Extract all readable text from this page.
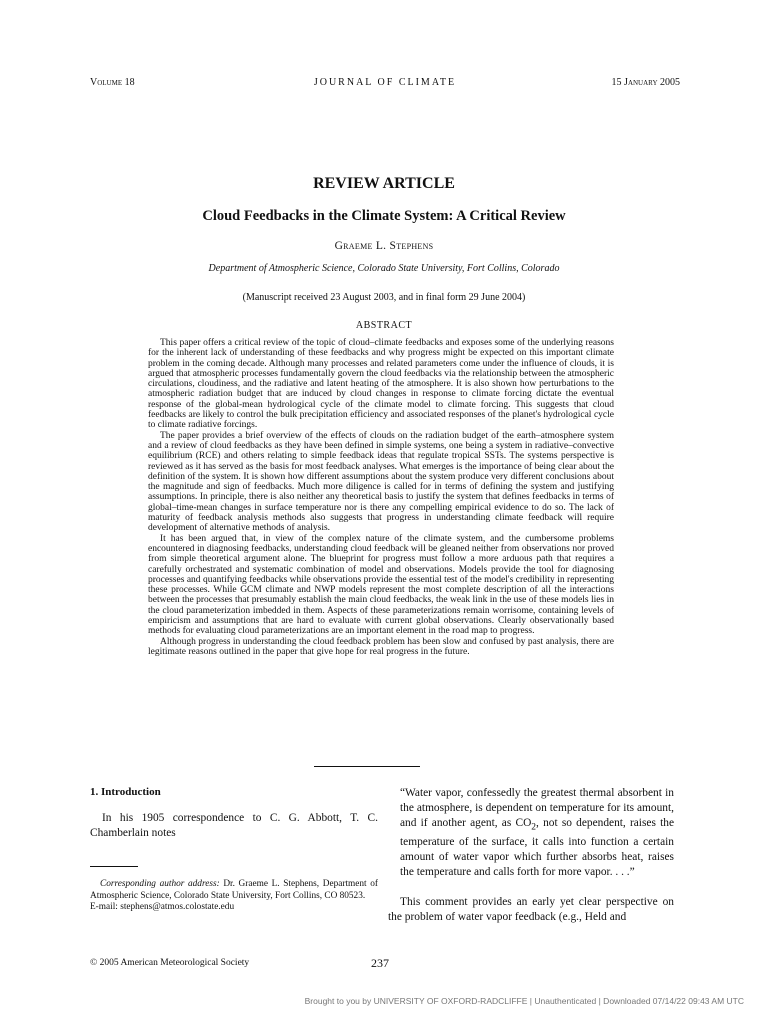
Volume 18	JOURNAL OF CLIMATE	15 January 2005
REVIEW ARTICLE
Cloud Feedbacks in the Climate System: A Critical Review
Graeme L. Stephens
Department of Atmospheric Science, Colorado State University, Fort Collins, Colorado
(Manuscript received 23 August 2003, and in final form 29 June 2004)
ABSTRACT

This paper offers a critical review of the topic of cloud–climate feedbacks and exposes some of the underlying reasons for the inherent lack of understanding of these feedbacks and why progress might be expected on this important climate problem in the coming decade. Although many processes and related parameters come under the influence of clouds, it is argued that atmospheric processes fundamentally govern the cloud feedbacks via the relationship between the atmospheric circulations, cloudiness, and the radiative and latent heating of the atmosphere. It is also shown how perturbations to the atmospheric radiation budget that are induced by cloud changes in response to climate forcing dictate the eventual response of the global-mean hydrological cycle of the climate model to climate forcing. This suggests that cloud feedbacks are likely to control the bulk precipitation efficiency and associated responses of the planet's hydrological cycle to climate radiative forcings.

The paper provides a brief overview of the effects of clouds on the radiation budget of the earth–atmosphere system and a review of cloud feedbacks as they have been defined in simple systems, one being a system in radiative–convective equilibrium (RCE) and others relating to simple feedback ideas that regulate tropical SSTs. The systems perspective is reviewed as it has served as the basis for most feedback analyses. What emerges is the importance of being clear about the definition of the system. It is shown how different assumptions about the system produce very different conclusions about the magnitude and sign of feedbacks. Much more diligence is called for in terms of defining the system and justifying assumptions. In principle, there is also neither any theoretical basis to justify the system that defines feedbacks in terms of global–time-mean changes in surface temperature nor is there any compelling empirical evidence to do so. The lack of maturity of feedback analysis methods also suggests that progress in understanding climate feedback will require development of alternative methods of analysis.

It has been argued that, in view of the complex nature of the climate system, and the cumbersome problems encountered in diagnosing feedbacks, understanding cloud feedback will be gleaned neither from observations nor proved from simple theoretical argument alone. The blueprint for progress must follow a more arduous path that requires a carefully orchestrated and systematic combination of model and observations. Models provide the tool for diagnosing processes and quantifying feedbacks while observations provide the essential test of the model's credibility in representing these processes. While GCM climate and NWP models represent the most complete description of all the interactions between the processes that presumably establish the main cloud feedbacks, the weak link in the use of these models lies in the cloud parameterization imbedded in them. Aspects of these parameterizations remain worrisome, containing levels of empiricism and assumptions that are hard to evaluate with current global observations. Clearly observationally based methods for evaluating cloud parameterizations are an important element in the road map to progress.

Although progress in understanding the cloud feedback problem has been slow and confused by past analysis, there are legitimate reasons outlined in the paper that give hope for real progress in the future.

1. Introduction

In his 1905 correspondence to C. G. Abbott, T. C. Chamberlain notes

Corresponding author address: Dr. Graeme L. Stephens, Department of Atmospheric Science, Colorado State University, Fort Collins, CO 80523.

E-mail: stephens@atmos.colostate.edu

“Water vapor, confessedly the greatest thermal absorbent in the atmosphere, is dependent on temperature for its amount, and if another agent, as $CO_2$, not so dependent, raises the temperature of the surface, it calls into function a certain amount of water vapor which further absorbs heat, raises the temperature and calls forth for more vapor. . . .”

This comment provides an early yet clear perspective on the problem of water vapor feedback (e.g., Held and

© 2005 American Meteorological Society	237
Brought to you by UNIVERSITY OF OXFORD-RADCLIFFE | Unauthenticated | Downloaded 07/14/22 09:43 AM UTC
